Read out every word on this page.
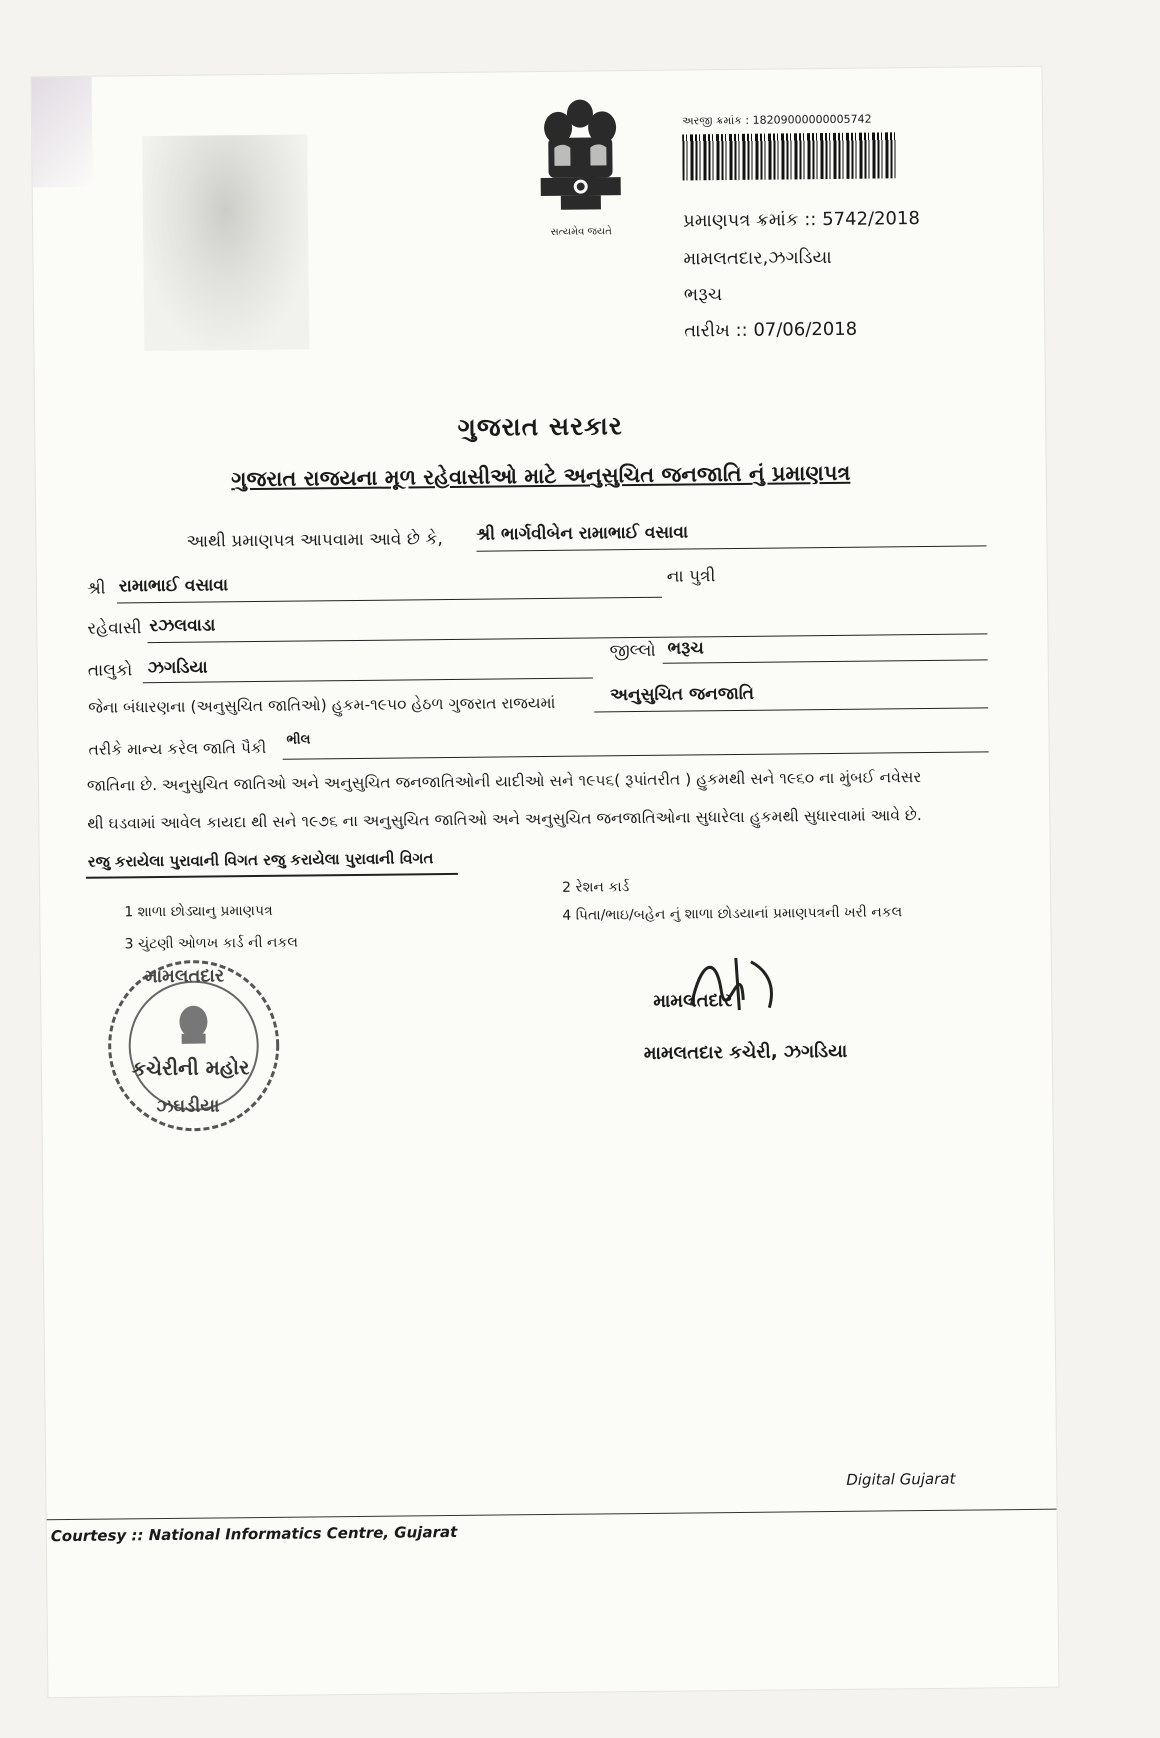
સત્યમેવ જયતે
અરજી ક્રમાંક : 18209000000005742
પ્રમાણપત્ર ક્રમાંક :: 5742/2018
મામલતદાર,ઝગડિયા
ભરૂચ
તારીખ :: 07/06/2018
ગુજરાત સરકાર
ગુજરાત રાજયના મૂળ રહેવાસીઓ માટે અનુસુચિત જનજાતિ નું પ્રમાણપત્ર
આથી પ્રમાણપત્ર આપવામા આવે છે કે, શ્રી ભાર્ગવીબેન રામાભાઈ વસાવા
શ્રી રામાભાઈ વસાવા	ના પુત્રી
રહેવાસી રઝલવાડા
તાલુકો ઝગડિયા
જીલ્લો ભરૂચ
જેના બંધારણના (અનુસુચિત જાતિઓ) હુકમ-૧૯૫૦ હેઠળ ગુજરાત રાજયમાં	અનુસુચિત જનજાતિ
તરીકે માન્ય કરેલ જાતિ પૈકી ભીલ
જાતિના છે. અનુસુચિત જાતિઓ અને અનુસુચિત જનજાતિઓની યાદીઓ સને ૧૯૫૬( રૂપાંતરીત ) હુકમથી સને ૧૯૬૦ ના મુંબઈ નવેસર
થી ઘડવામાં આવેલ કાયદા થી સને ૧૯૭૬ ના અનુસુચિત જાતિઓ અને અનુસુચિત જનજાતિઓના સુધારેલા હુકમથી સુધારવામાં આવે છે.
રજુ કરાયેલા પુરાવાની વિગત રજુ કરાયેલા પુરાવાની વિગત
1 શાળા છોડ્યાનુ પ્રમાણપત્ર
2 રેશન કાર્ડ
3 ચુંટણી ઓળખ કાર્ડ ની નકલ
4 પિતા/ભાઇ/બહેન નું શાળા છોડયાનાં પ્રમાણપત્રની ખરી નકલ
મામલતદાર
કચેરીની મહોર
ઝઘડીયા
મામલતદાર
મામલતદાર કચેરી, ઝગડિયા
Digital Gujarat
Courtesy :: National Informatics Centre, Gujarat
